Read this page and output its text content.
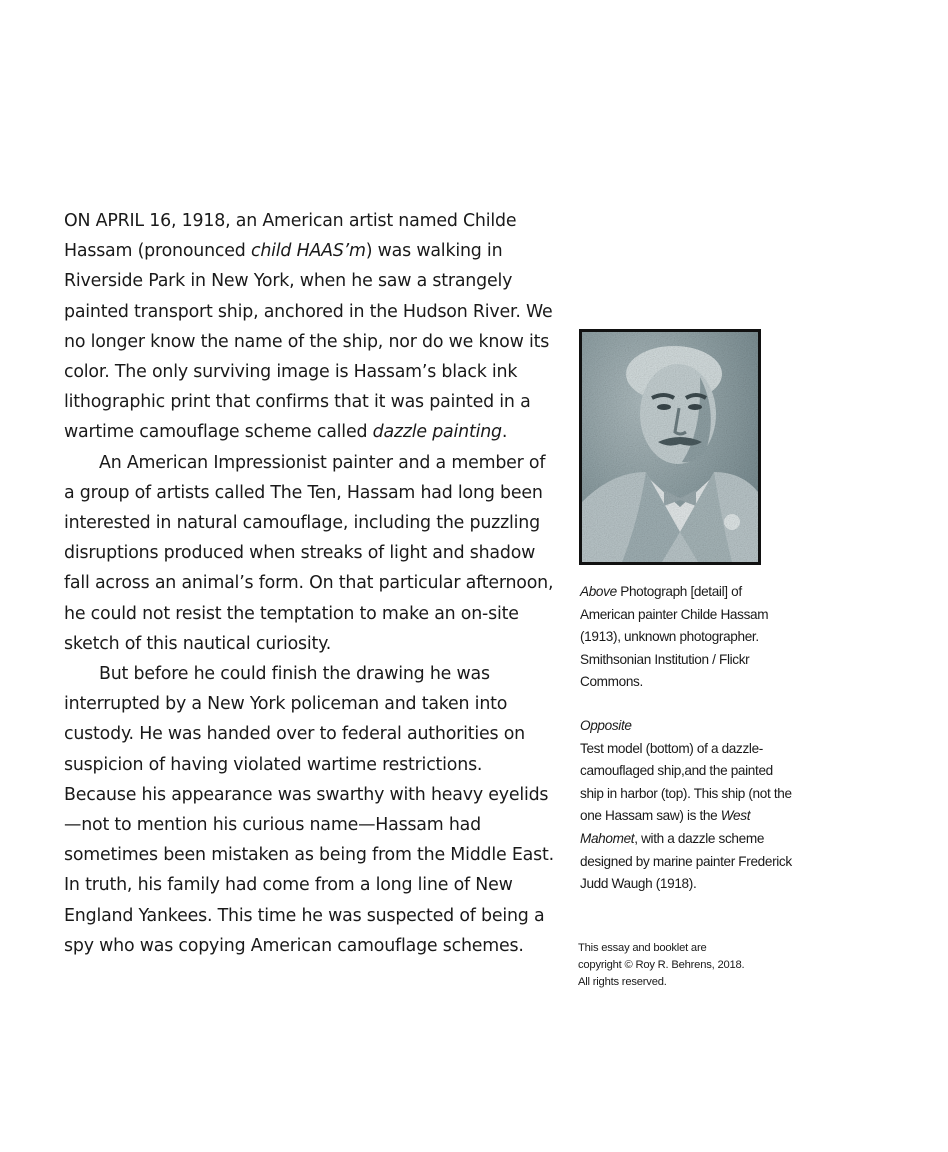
ON APRIL 16, 1918, an American artist named Childe Hassam (pronounced child HAAS’m) was walking in Riverside Park in New York, when he saw a strangely painted transport ship, anchored in the Hudson River. We no longer know the name of the ship, nor do we know its color. The only surviving image is Hassam’s black ink lithographic print that confirms that it was painted in a wartime camouflage scheme called dazzle painting.

An American Impressionist painter and a member of a group of artists called The Ten, Hassam had long been interested in natural camouflage, including the puzzling disruptions produced when streaks of light and shadow fall across an animal’s form. On that particular afternoon, he could not resist the temptation to make an on-site sketch of this nautical curiosity.

But before he could finish the drawing he was interrupted by a New York policeman and taken into custody. He was handed over to federal authorities on suspicion of having violated wartime restrictions. Because his appearance was swarthy with heavy eyelids—not to mention his curious name—Hassam had sometimes been mistaken as being from the Middle East. In truth, his family had come from a long line of New England Yankees. This time he was suspected of being a spy who was copying American camouflage schemes.

Above Photograph [detail] of American painter Childe Hassam (1913), unknown photographer. Smithsonian Institution / Flickr Commons.

Opposite

Test model (bottom) of a dazzle-camouflaged ship,and the painted ship in harbor (top). This ship (not the one Hassam saw) is the West Mahomet, with a dazzle scheme designed by marine painter Frederick Judd Waugh (1918).

This essay and booklet are

copyright © Roy R. Behrens, 2018.

All rights reserved.
